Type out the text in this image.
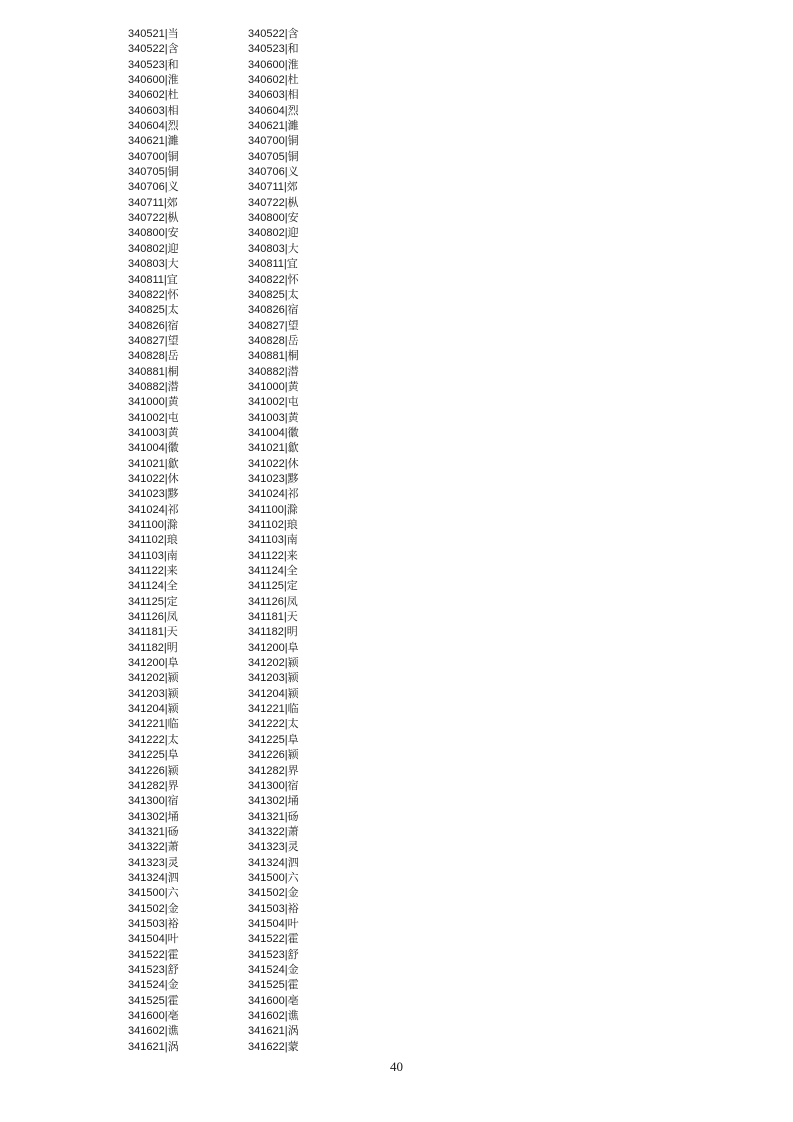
340521|当
340522|含
340523|和
340600|淮
340602|杜
340603|相
340604|烈
340621|濉
340700|铜
340705|铜
340706|义
340711|郊
340722|枞
340800|安
340802|迎
340803|大
340811|宜
340822|怀
340825|太
340826|宿
340827|望
340828|岳
340881|桐
340882|潜
341000|黄
341002|屯
341003|黄
341004|徽
341021|歙
341022|休
341023|黟
341024|祁
341100|滁
341102|琅
341103|南
341122|来
341124|全
341125|定
341126|凤
341181|天
341182|明
341200|阜
341202|颍
341203|颍
341204|颍
341221|临
341222|太
341225|阜
341226|颍
341282|界
341300|宿
341302|埇
341321|砀
341322|萧
341323|灵
341324|泗
341500|六
341502|金
341503|裕
341504|叶
341522|霍
341523|舒
341524|金
341525|霍
341600|亳
341602|谯
341621|涡
340522|含
340523|和
340600|淮
340602|杜
340603|相
340604|烈
340621|濉
340700|铜
340705|铜
340706|义
340711|郊
340722|枞
340800|安
340802|迎
340803|大
340811|宜
340822|怀
340825|太
340826|宿
340827|望
340828|岳
340881|桐
340882|潜
341000|黄
341002|屯
341003|黄
341004|徽
341021|歙
341022|休
341023|黟
341024|祁
341100|滁
341102|琅
341103|南
341122|来
341124|全
341125|定
341126|凤
341181|天
341182|明
341200|阜
341202|颍
341203|颍
341204|颍
341221|临
341222|太
341225|阜
341226|颍
341282|界
341300|宿
341302|埇
341321|砀
341322|萧
341323|灵
341324|泗
341500|六
341502|金
341503|裕
341504|叶
341522|霍
341523|舒
341524|金
341525|霍
341600|亳
341602|谯
341621|涡
341622|蒙
40
